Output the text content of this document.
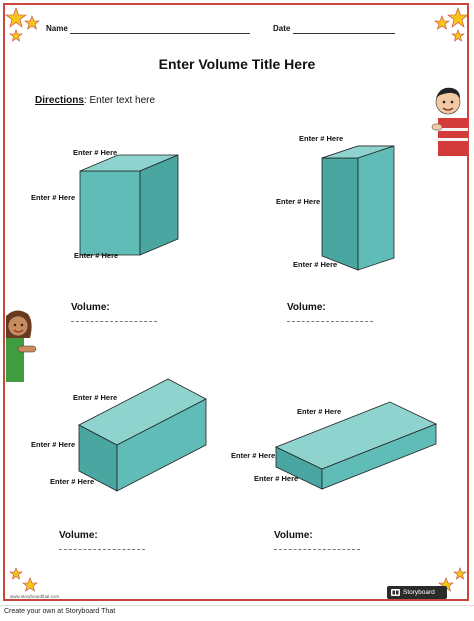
Name	Date
Enter Volume Title Here
Directions: Enter text here
Enter # Here
Enter # Here
Enter # Here
Volume:
Enter # Here
Enter # Here
Enter # Here
Volume:
Enter # Here
Enter # Here
Enter # Here
Volume:
Enter # Here
Enter # Here
Enter # Here
Volume:
www.storyboardthat.com
Storyboard
Create your own at Storyboard That
